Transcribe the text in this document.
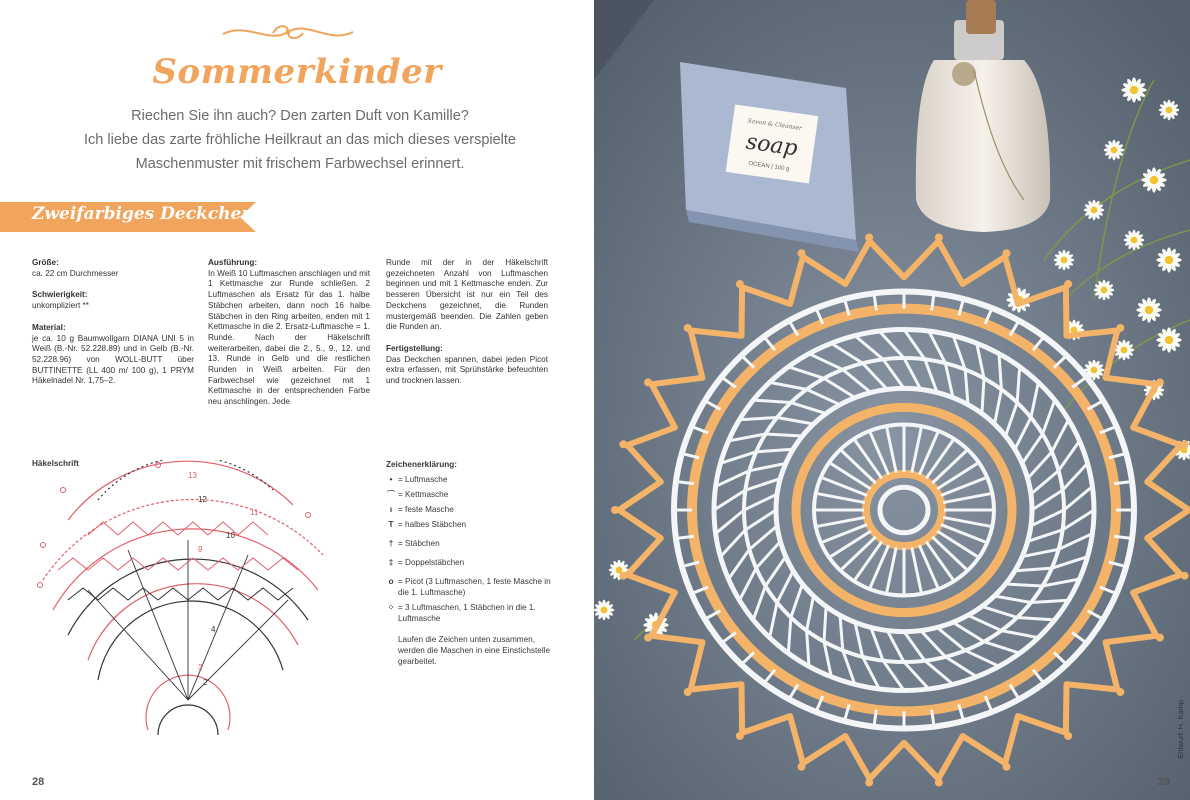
Sommerkinder
Riechen Sie ihn auch? Den zarten Duft von Kamille?
Ich liebe das zarte fröhliche Heilkraut an das mich dieses verspielte
Maschenmuster mit frischem Farbwechsel erinnert.
Zweifarbiges Deckchen
Größe:
ca. 22 cm Durchmesser
Schwierigkeit:
unkompliziert **
Material:
je ca. 10 g Baumwollgarn DIANA UNI 5 in Weiß (B.-Nr. 52.228.89) und in Gelb (B.-Nr. 52.228.96) von WOLL-BUTT über BUTTINETTE (LL 400 m/ 100 g), 1 PRYM Häkelnadel Nr. 1,75–2.
Ausführung:
In Weiß 10 Luftmaschen anschlagen und mit 1 Kettmasche zur Runde schließen. 2 Luftmaschen als Ersatz für das 1. halbe Stäbchen arbeiten, dann noch 16 halbe Stäbchen in den Ring arbeiten, enden mit 1 Kettmasche in die 2. Ersatz-Luftmasche = 1. Runde. Nach der Häkelschrift weiterarbeiten, dabei die 2., 5., 9., 12. und 13. Runde in Gelb und die restlichen Runden in Weiß arbeiten. Für den Farbwechsel wie gezeichnet mit 1 Kettmasche in der entsprechenden Farbe neu anschlingen. Jede
Runde mit der in der Häkelschrift gezeichneten Anzahl von Luftmaschen beginnen und mit 1 Kettmasche enden. Zur besseren Übersicht ist nur ein Teil des Deckchens gezeichnet, die Runden mustergemäß beenden. Die Zahlen geben die Runden an.
Fertigstellung:
Das Deckchen spannen, dabei jeden Picot extra erfassen, mit Sprühstärke befeuchten und trocknen lassen.
Häkelschrift
13
12
11
10
9
4
3
2
Zeichenerklärung:
• = Luftmasche
⌒ = Kettmasche
ı = feste Masche
T = halbes Stäbchen
† = Stäbchen
‡ = Doppelstäbchen
o = Picot (3 Luftmaschen, 1 feste Masche in die 1. Luftmasche)
⁘ = 3 Luftmaschen, 1 Stäbchen in die 1. Luftmasche
Laufen die Zeichen unten zusammen, werden die Maschen in eine Einstichstelle gearbeitet.
28
Savon & Cleanser
soap
OCEAN | 100 g
Entwurf: H. Kamp
29
